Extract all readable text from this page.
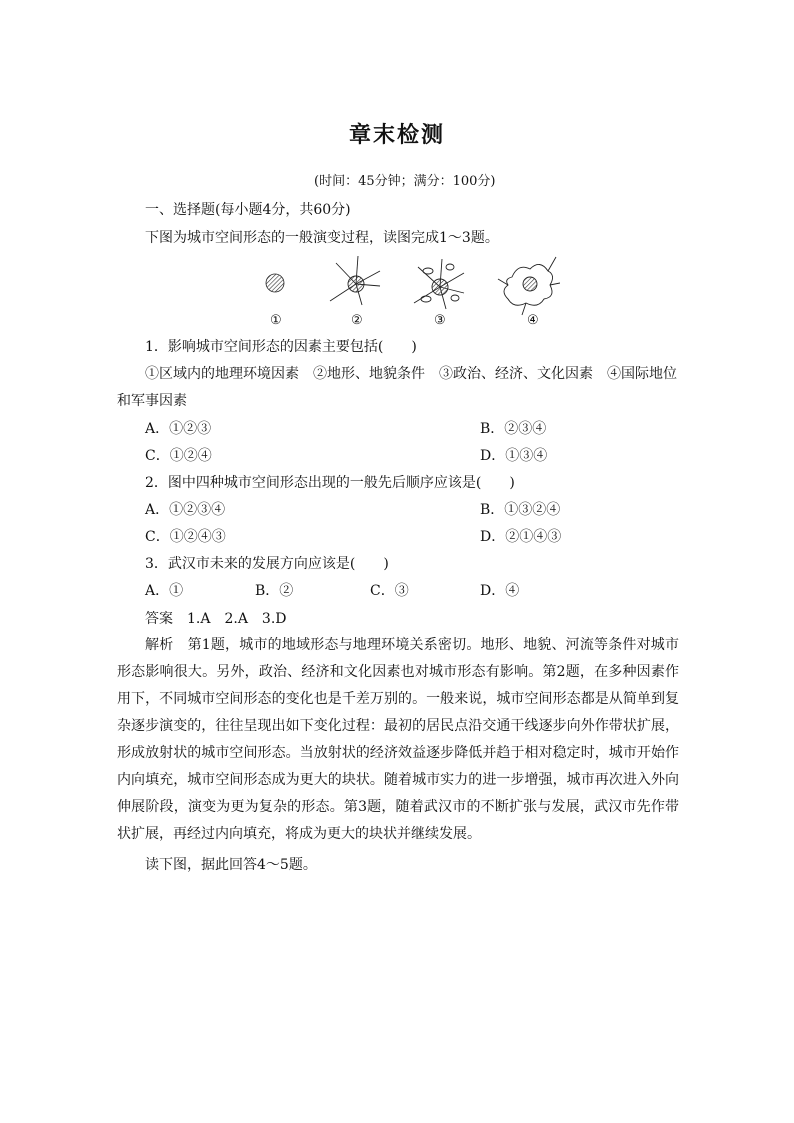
章末检测
(时间：45分钟；满分：100分)
一、选择题(每小题4分，共60分)
下图为城市空间形态的一般演变过程，读图完成1～3题。
①	②	③	④
1．影响城市空间形态的因素主要包括(　　)
①区域内的地理环境因素　②地形、地貌条件　③政治、经济、文化因素　④国际地位
和军事因素
A．①②③	B．②③④
C．①②④	D．①③④
2．图中四种城市空间形态出现的一般先后顺序应该是(　　)
A．①②③④	B．①③②④
C．①②④③	D．②①④③
3．武汉市未来的发展方向应该是(　　)
A．①	B．②	C．③	D．④
答案　1.A　2.A　3.D
解析　第1题，城市的地域形态与地理环境关系密切。地形、地貌、河流等条件对城市形态影响很大。另外，政治、经济和文化因素也对城市形态有影响。第2题，在多种因素作用下，不同城市空间形态的变化也是千差万别的。一般来说，城市空间形态都是从简单到复杂逐步演变的，往往呈现出如下变化过程：最初的居民点沿交通干线逐步向外作带状扩展，形成放射状的城市空间形态。当放射状的经济效益逐步降低并趋于相对稳定时，城市开始作内向填充，城市空间形态成为更大的块状。随着城市实力的进一步增强，城市再次进入外向伸展阶段，演变为更为复杂的形态。第3题，随着武汉市的不断扩张与发展，武汉市先作带状扩展，再经过内向填充，将成为更大的块状并继续发展。
读下图，据此回答4～5题。
